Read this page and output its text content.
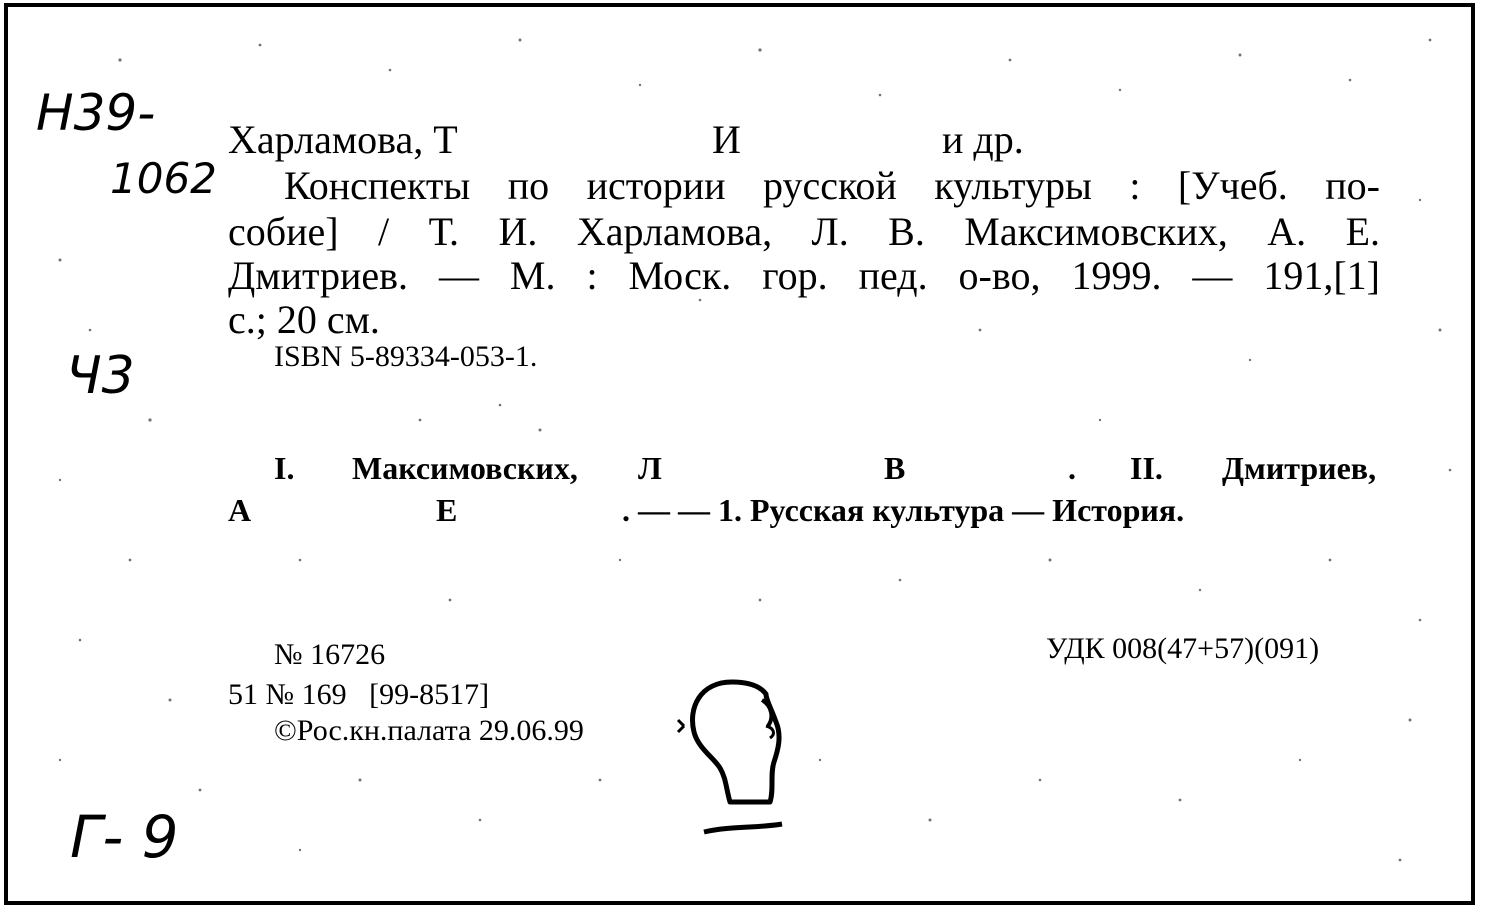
Н39-
1062
Ч3
Г- 9
Харламова, Т	И	и др.
Конспекты по истории русской культуры : [Учеб. по-
собие] / Т. И. Харламова, Л. В. Максимовских, А. Е.
Дмитриев. — М. : Моск. гор. пед. о-во, 1999. — 191,[1]
с.; 20 см.
ISBN 5-89334-053-1.
I. Максимовских, Л	В	. II. Дмитриев,
А	Е	. — — 1. Русская культура — История.
№ 16726	УДК 008(47+57)(091)
51 № 169   [99-8517]
©Рос.кн.палата 29.06.99
